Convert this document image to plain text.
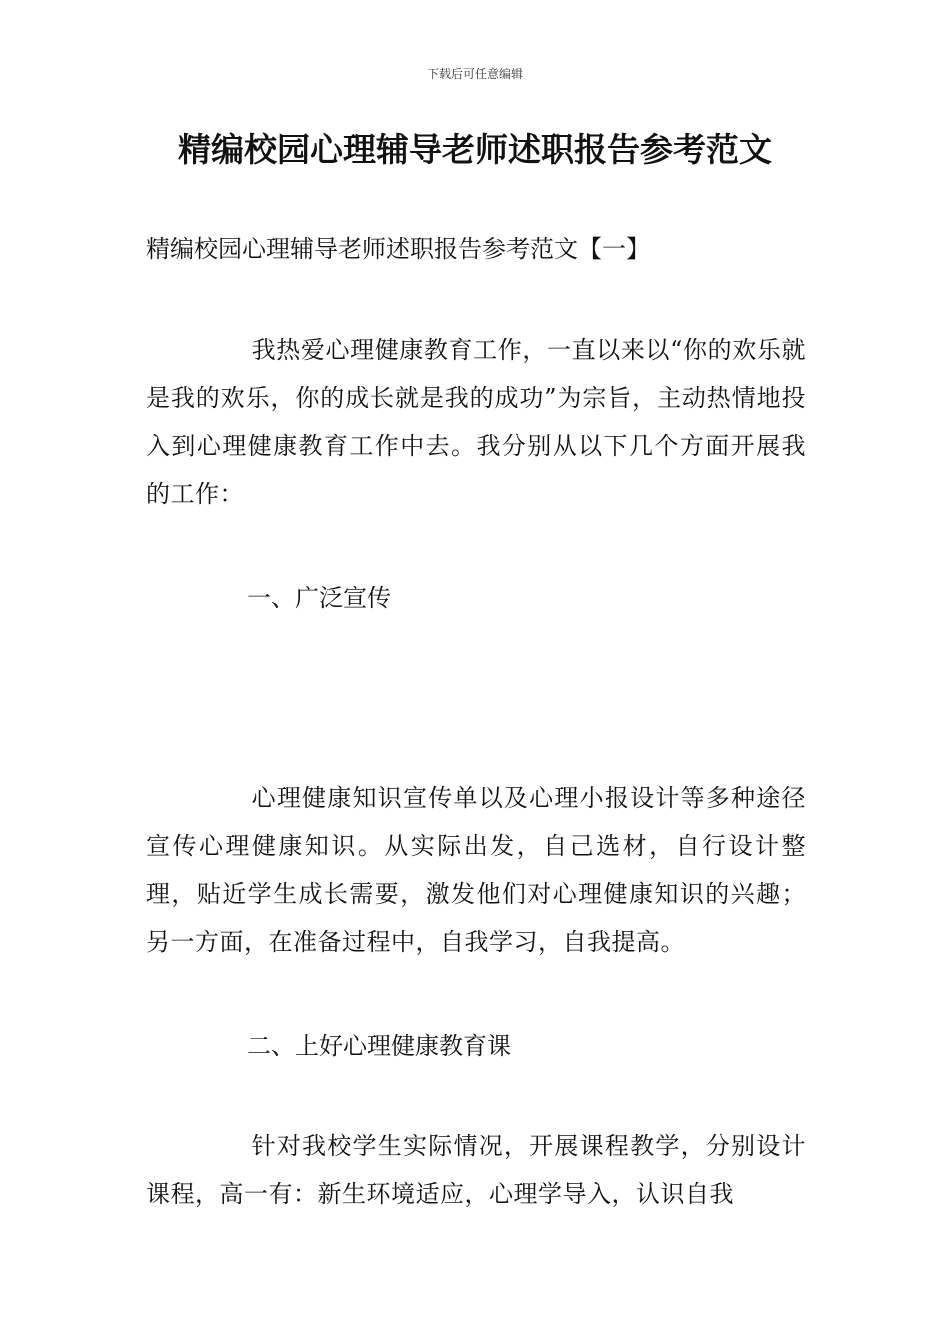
下载后可任意编辑
精编校园心理辅导老师述职报告参考范文

精编校园心理辅导老师述职报告参考范文【一】

我热爱心理健康教育工作，一直以来以“你的欢乐就是我的欢乐，你的成长就是我的成功”为宗旨，主动热情地投入到心理健康教育工作中去。我分别从以下几个方面开展我的工作：

一、广泛宣传

心理健康知识宣传单以及心理小报设计等多种途径宣传心理健康知识。从实际出发，自己选材，自行设计整理，贴近学生成长需要，激发他们对心理健康知识的兴趣；另一方面，在准备过程中，自我学习，自我提高。

二、上好心理健康教育课

针对我校学生实际情况，开展课程教学，分别设计课程，高一有：新生环境适应，心理学导入，认识自我
